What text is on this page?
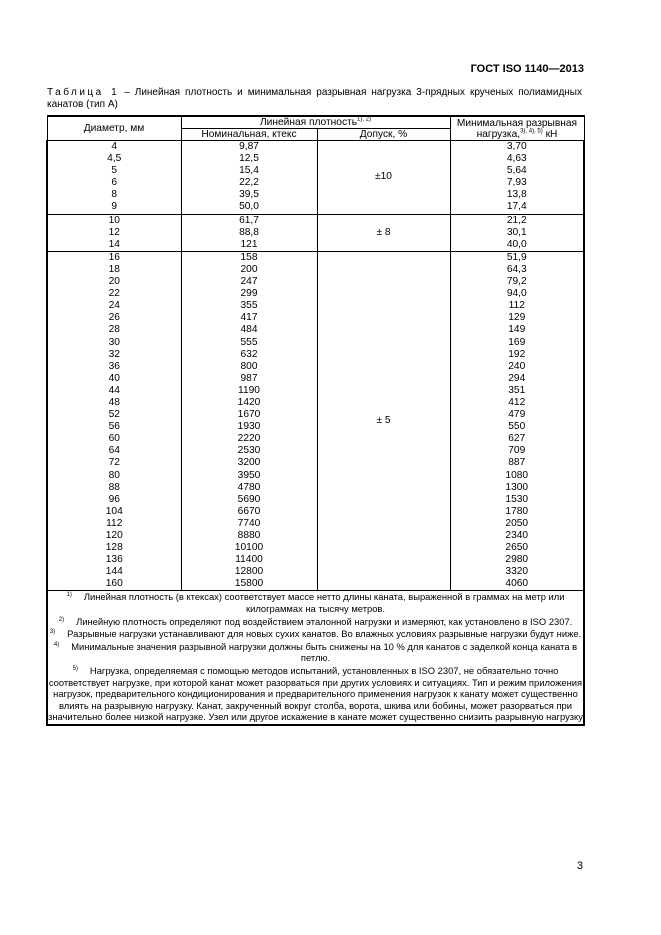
ГОСТ ISO 1140—2013
Таблица 1 – Линейная плотность и минимальная разрывная нагрузка 3-прядных крученых полиамидных канатов (тип А)
Диаметр, мм	Линейная плотность$^{1), 2)}$		Минимальная разрывная
нагрузка,$^{3), 4), 5)}$ кН
	Номинальная, ктекс	Допуск, %	
4	9,87	±10	3,70
4,5	12,5		4,63
5	15,4		5,64
6	22,2		7,93
8	39,5		13,8
9	50,0		17,4
10	61,7	± 8	21,2
12	88,8		30,1
14	121		40,0
16	158	± 5	51,9
18	200		64,3
20	247		79,2
22	299		94,0
24	355		112
26	417		129
28	484		149
30	555		169
32	632		192
36	800		240
40	987		294
44	1190		351
48	1420		412
52	1670		479
56	1930		550
60	2220		627
64	2530		709
72	3200		887
80	3950		1080
88	4780		1300
96	5690		1530
104	6670		1780
112	7740		2050
120	8880		2340
128	10100		2650
136	11400		2980
144	12800		3320
160	15800		4060

$^{1)}$ Линейная плотность (в ктексах) соответствует массе нетто длины каната, выраженной в граммах на метр или килограммах на тысячу метров.
$^{2)}$ Линейную плотность определяют под воздействием эталонной нагрузки и измеряют, как установлено в ISO 2307.
$^{3)}$ Разрывные нагрузки устанавливают для новых сухих канатов. Во влажных условиях разрывные нагрузки будут ниже.
$^{4)}$ Минимальные значения разрывной нагрузки должны быть снижены на 10 % для канатов с заделкой конца каната в петлю.
$^{5)}$ Нагрузка, определяемая с помощью методов испытаний, установленных в ISO 2307, не обязательно точно соответствует нагрузке, при которой канат может разорваться при других условиях и ситуациях. Тип и режим приложения нагрузок, предварительного кондиционирования и предварительного применения нагрузок к канату может существенно влиять на разрывную нагрузку. Канат, закрученный вокруг столба, ворота, шкива или бобины, может разорваться при значительно более низкой нагрузке. Узел или другое искажение в канате может существенно снизить разрывную нагрузку			
3
